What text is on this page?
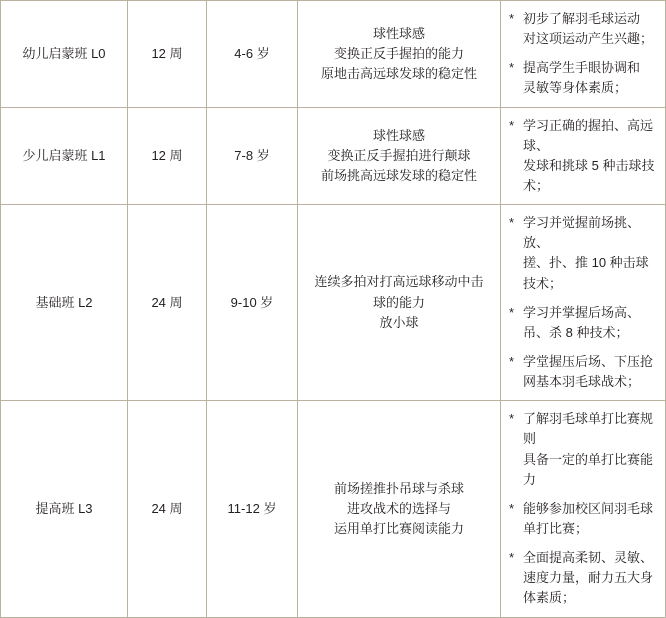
幼儿启蒙班 L0	12 周	4-6 岁	
球性球感
变换正反手握拍的能力
原地击高远球发球的稳定性

* 初步了解羽毛球运动
对这项运动产生兴趣；
* 提高学生手眼协调和
灵敏等身体素质；

少儿启蒙班 L1	12 周	7-8 岁	球性球感
变换正反手握拍进行颠球
前场挑高远球发球的稳定性	* 学习正确的握拍、高远球、
发球和挑球 5 种击球技术；

基础班 L2	24 周	9-10 岁	
连续多拍对打高远球移动中击
球的能力
放小球

* 学习并觉握前场挑、放、
搓、扑、推 10 种击球技术；
* 学习并掌握后场高、
吊、杀 8 种技术；
* 学堂握压后场、下压抢
网基本羽毛球战术；

提高班 L3	24 周	11-12 岁	
前场搓推扑吊球与杀球
进攻战术的选择与
运用单打比赛阅读能力

* 了解羽毛球单打比赛规则
具备一定的单打比赛能力
* 能够参加校区间羽毛球
单打比赛；
* 全面提高柔韧、灵敏、
速度力量，耐力五大身
体素质；
